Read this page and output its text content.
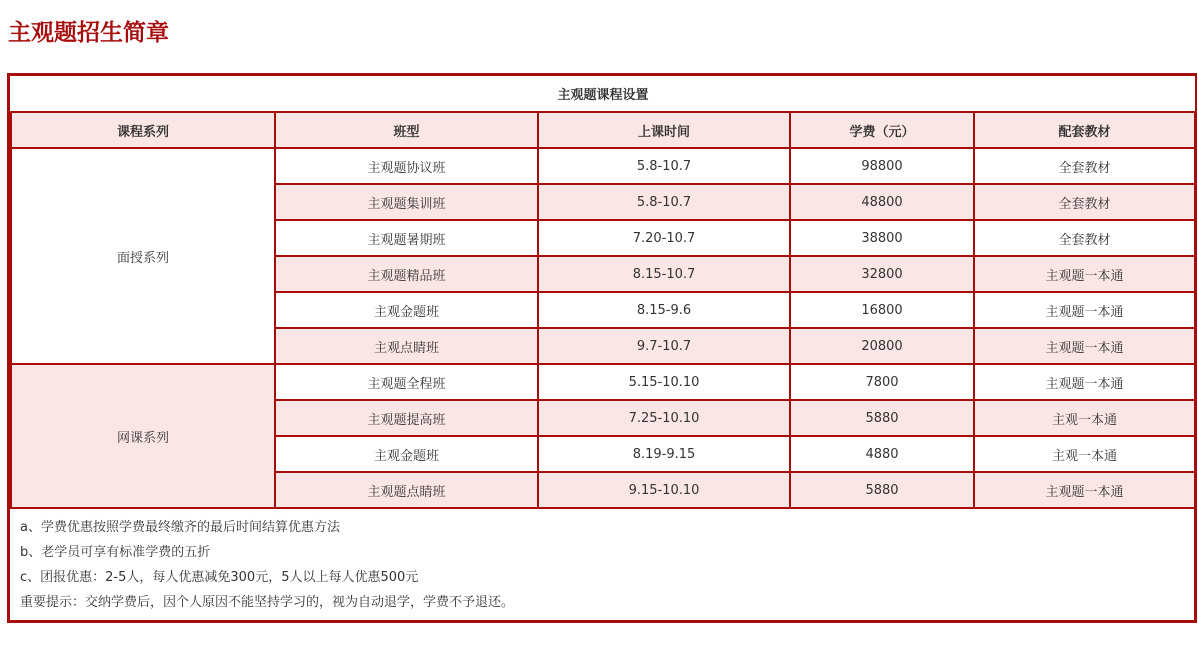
主观题招生简章
主观题课程设置				
课程系列	班型	上课时间	学费（元）	配套教材
面授系列	主观题协议班	5.8-10.7	98800	全套教材
	主观题集训班	5.8-10.7	48800	全套教材
	主观题暑期班	7.20-10.7	38800	全套教材
	主观题精品班	8.15-10.7	32800	主观题一本通
	主观金题班	8.15-9.6	16800	主观题一本通
	主观点睛班	9.7-10.7	20800	主观题一本通
网课系列	主观题全程班	5.15-10.10	7800	主观题一本通
	主观题提高班	7.25-10.10	5880	主观一本通
	主观金题班	8.19-9.15	4880	主观一本通
	主观题点睛班	9.15-10.10	5880	主观题一本通
a、学费优惠按照学费最终缴齐的最后时间结算优惠方法
b、老学员可享有标准学费的五折
c、团报优惠：2-5人，每人优惠减免300元，5人以上每人优惠500元
重要提示：交纳学费后，因个人原因不能坚持学习的，视为自动退学，学费不予退还。
